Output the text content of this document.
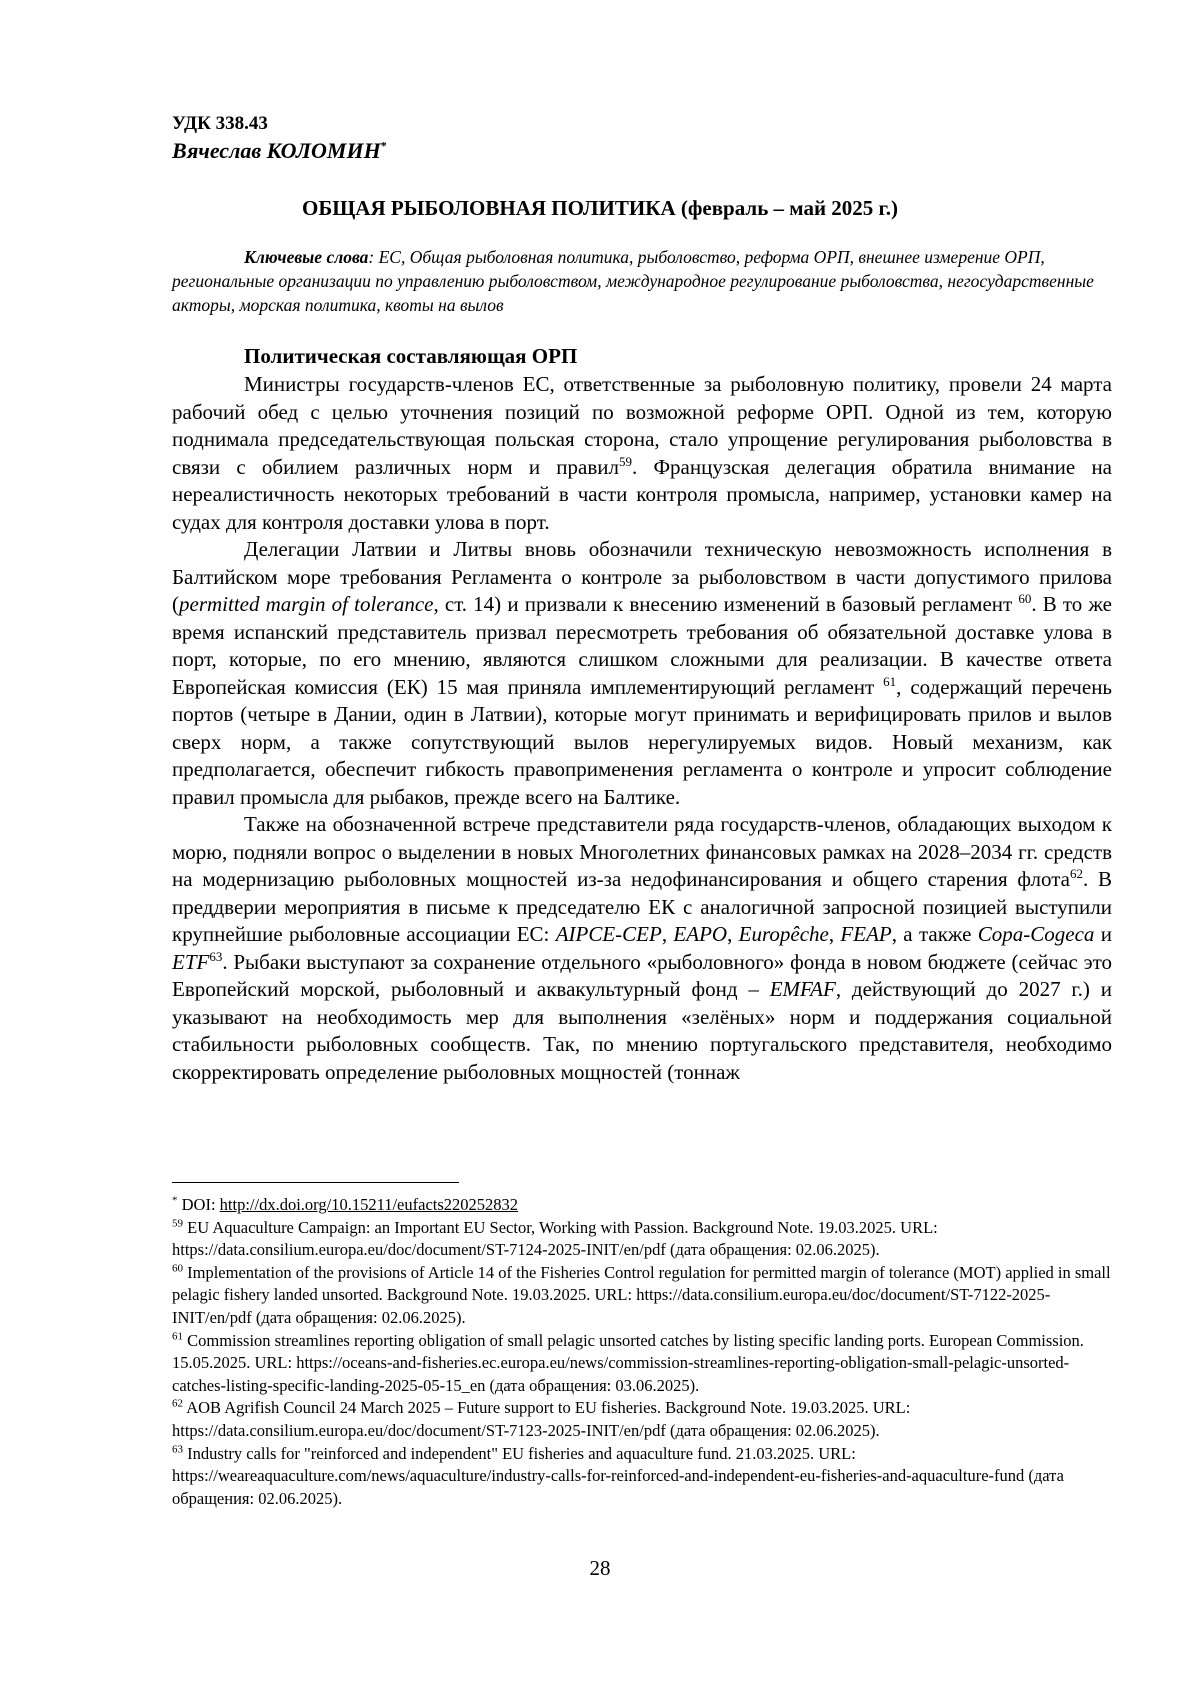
УДК 338.43
Вячеслав КОЛОМИН*
ОБЩАЯ РЫБОЛОВНАЯ ПОЛИТИКА (февраль – май 2025 г.)
Ключевые слова: ЕС, Общая рыболовная политика, рыболовство, реформа ОРП, внешнее измерение ОРП, региональные организации по управлению рыболовством, международное регулирование рыболовства, негосударственные акторы, морская политика, квоты на вылов
Политическая составляющая ОРП

Министры государств-членов ЕС, ответственные за рыболовную политику, провели 24 марта рабочий обед с целью уточнения позиций по возможной реформе ОРП. Одной из тем, которую поднимала председательствующая польская сторона, стало упрощение регулирования рыболовства в связи с обилием различных норм и правил$^{59}$. Французская делегация обратила внимание на нереалистичность некоторых требований в части контроля промысла, например, установки камер на судах для контроля доставки улова в порт.

Делегации Латвии и Литвы вновь обозначили техническую невозможность исполнения в Балтийском море требования Регламента о контроле за рыболовством в части допустимого прилова (permitted margin of tolerance, ст. 14) и призвали к внесению изменений в базовый регламент $^{60}$. В то же время испанский представитель призвал пересмотреть требования об обязательной доставке улова в порт, которые, по его мнению, являются слишком сложными для реализации. В качестве ответа Европейская комиссия (ЕК) 15 мая приняла имплементирующий регламент $^{61}$, содержащий перечень портов (четыре в Дании, один в Латвии), которые могут принимать и верифицировать прилов и вылов сверх норм, а также сопутствующий вылов нерегулируемых видов. Новый механизм, как предполагается, обеспечит гибкость правоприменения регламента о контроле и упросит соблюдение правил промысла для рыбаков, прежде всего на Балтике.

Также на обозначенной встрече представители ряда государств-членов, обладающих выходом к морю, подняли вопрос о выделении в новых Многолетних финансовых рамках на 2028–2034 гг. средств на модернизацию рыболовных мощностей из-за недофинансирования и общего старения флота$^{62}$. В преддверии мероприятия в письме к председателю ЕК с аналогичной запросной позицией выступили крупнейшие рыболовные ассоциации ЕС: AIPCE-CEP, EAPO, Europêche, FEAP, а также Copa-Cogeca и ETF$^{63}$. Рыбаки выступают за сохранение отдельного «рыболовного» фонда в новом бюджете (сейчас это Европейский морской, рыболовный и аквакультурный фонд – EMFAF, действующий до 2027 г.) и указывают на необходимость мер для выполнения «зелёных» норм и поддержания социальной стабильности рыболовных сообществ. Так, по мнению португальского представителя, необходимо скорректировать определение рыболовных мощностей (тоннаж

* DOI: http://dx.doi.org/10.15211/eufacts220252832

$^{59}$ EU Aquaculture Campaign: an Important EU Sector, Working with Passion. Background Note. 19.03.2025. URL: https://data.consilium.europa.eu/doc/document/ST-7124-2025-INIT/en/pdf (дата обращения: 02.06.2025).

$^{60}$ Implementation of the provisions of Article 14 of the Fisheries Control regulation for permitted margin of tolerance (MOT) applied in small pelagic fishery landed unsorted. Background Note. 19.03.2025. URL: https://data.consilium.europa.eu/doc/document/ST-7122-2025-INIT/en/pdf (дата обращения: 02.06.2025).

$^{61}$ Commission streamlines reporting obligation of small pelagic unsorted catches by listing specific landing ports. European Commission. 15.05.2025. URL: https://oceans-and-fisheries.ec.europa.eu/news/commission-streamlines-reporting-obligation-small-pelagic-unsorted-catches-listing-specific-landing-2025-05-15_en (дата обращения: 03.06.2025).

$^{62}$ AOB Agrifish Council 24 March 2025 – Future support to EU fisheries. Background Note. 19.03.2025. URL: https://data.consilium.europa.eu/doc/document/ST-7123-2025-INIT/en/pdf (дата обращения: 02.06.2025).

$^{63}$ Industry calls for "reinforced and independent" EU fisheries and aquaculture fund. 21.03.2025. URL: https://weareaquaculture.com/news/aquaculture/industry-calls-for-reinforced-and-independent-eu-fisheries-and-aquaculture-fund (дата обращения: 02.06.2025).

28
